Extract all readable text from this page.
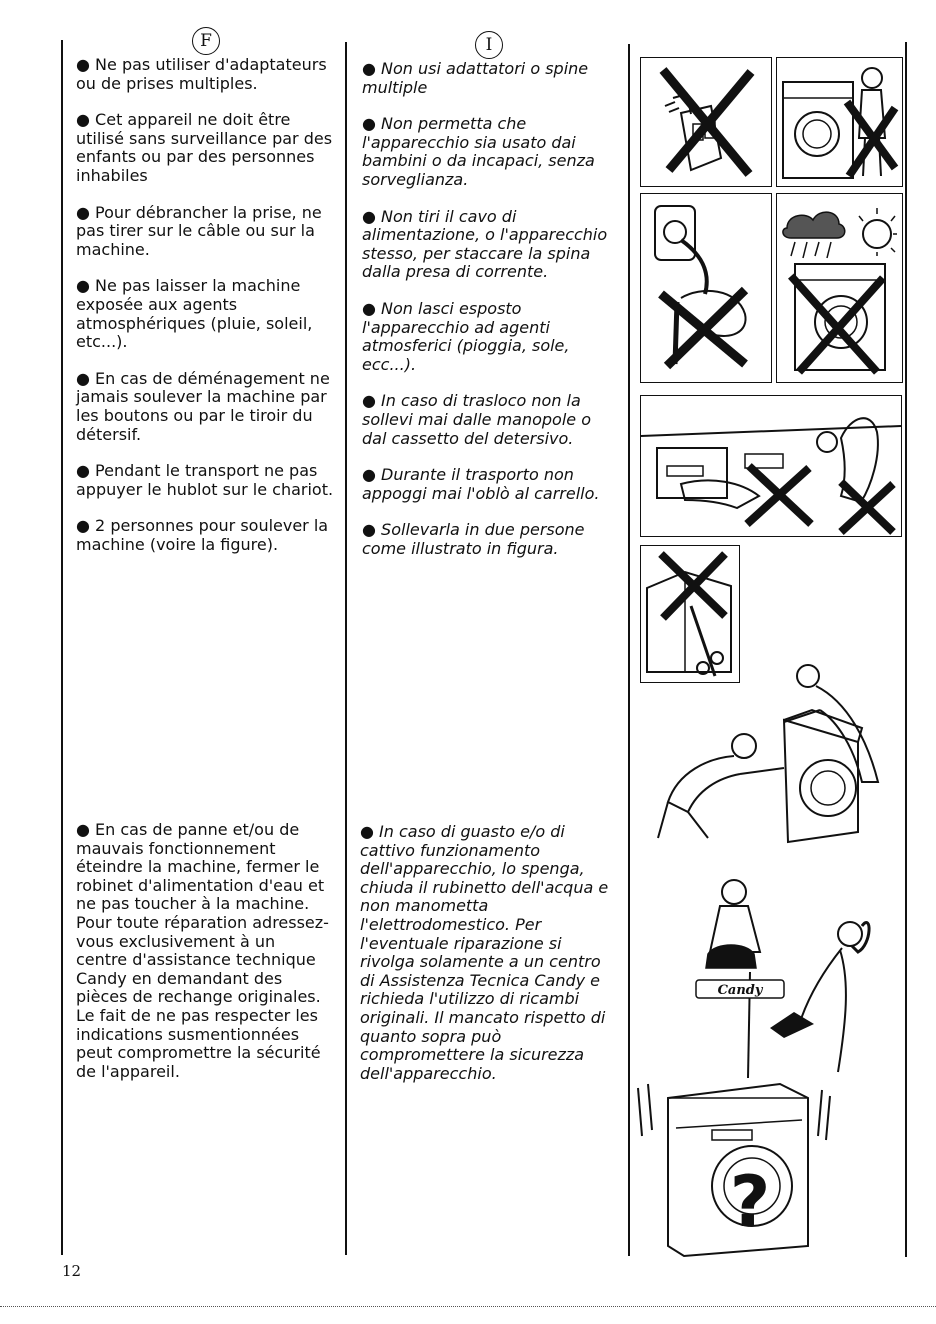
F	I

● Ne pas utiliser d'adaptateurs ou de prises multiples.

● Cet appareil ne doit être utilisé sans surveillance par des enfants ou par des personnes inhabiles

● Pour débrancher la prise, ne pas tirer sur le câble ou sur la machine.

● Ne pas laisser la machine exposée aux agents atmosphériques (pluie, soleil, etc...).

● En cas de déménagement ne jamais soulever la machine par les boutons ou par le tiroir du détersif.

● Pendant le transport ne pas appuyer le hublot sur le chariot.

● 2 personnes pour soulever la machine (voire la figure).

● En cas de panne et/ou de mauvais fonctionnement éteindre la machine, fermer le robinet d'alimentation d'eau et ne pas toucher à la machine. Pour toute réparation adressez-vous exclusivement à un centre d'assistance technique Candy en demandant des pièces de rechange originales. Le fait de ne pas respecter les indications susmentionnées peut compromettre la sécurité de l'appareil.

● Non usi adattatori o spine multiple

● Non permetta che l'apparecchio sia usato dai bambini o da incapaci, senza sorveglianza.

● Non tiri il cavo di alimentazione, o l'apparecchio stesso, per staccare la spina dalla presa di corrente.

● Non lasci esposto l'apparecchio ad agenti atmosferici (pioggia, sole, ecc...).

● In caso di trasloco non la sollevi mai dalle manopole o dal cassetto del detersivo.

● Durante il trasporto non appoggi mai l'oblò al carrello.

● Sollevarla in due persone come illustrato in figura.

● In caso di guasto e/o di cattivo funzionamento dell'apparecchio, lo spenga, chiuda il rubinetto dell'acqua e non manometta l'elettrodomestico. Per l'eventuale riparazione si rivolga solamente a un centro di Assistenza Tecnica Candy e richieda l'utilizzo di ricambi originali. Il mancato rispetto di quanto sopra può compromettere la sicurezza dell'apparecchio.

Candy
?
12
